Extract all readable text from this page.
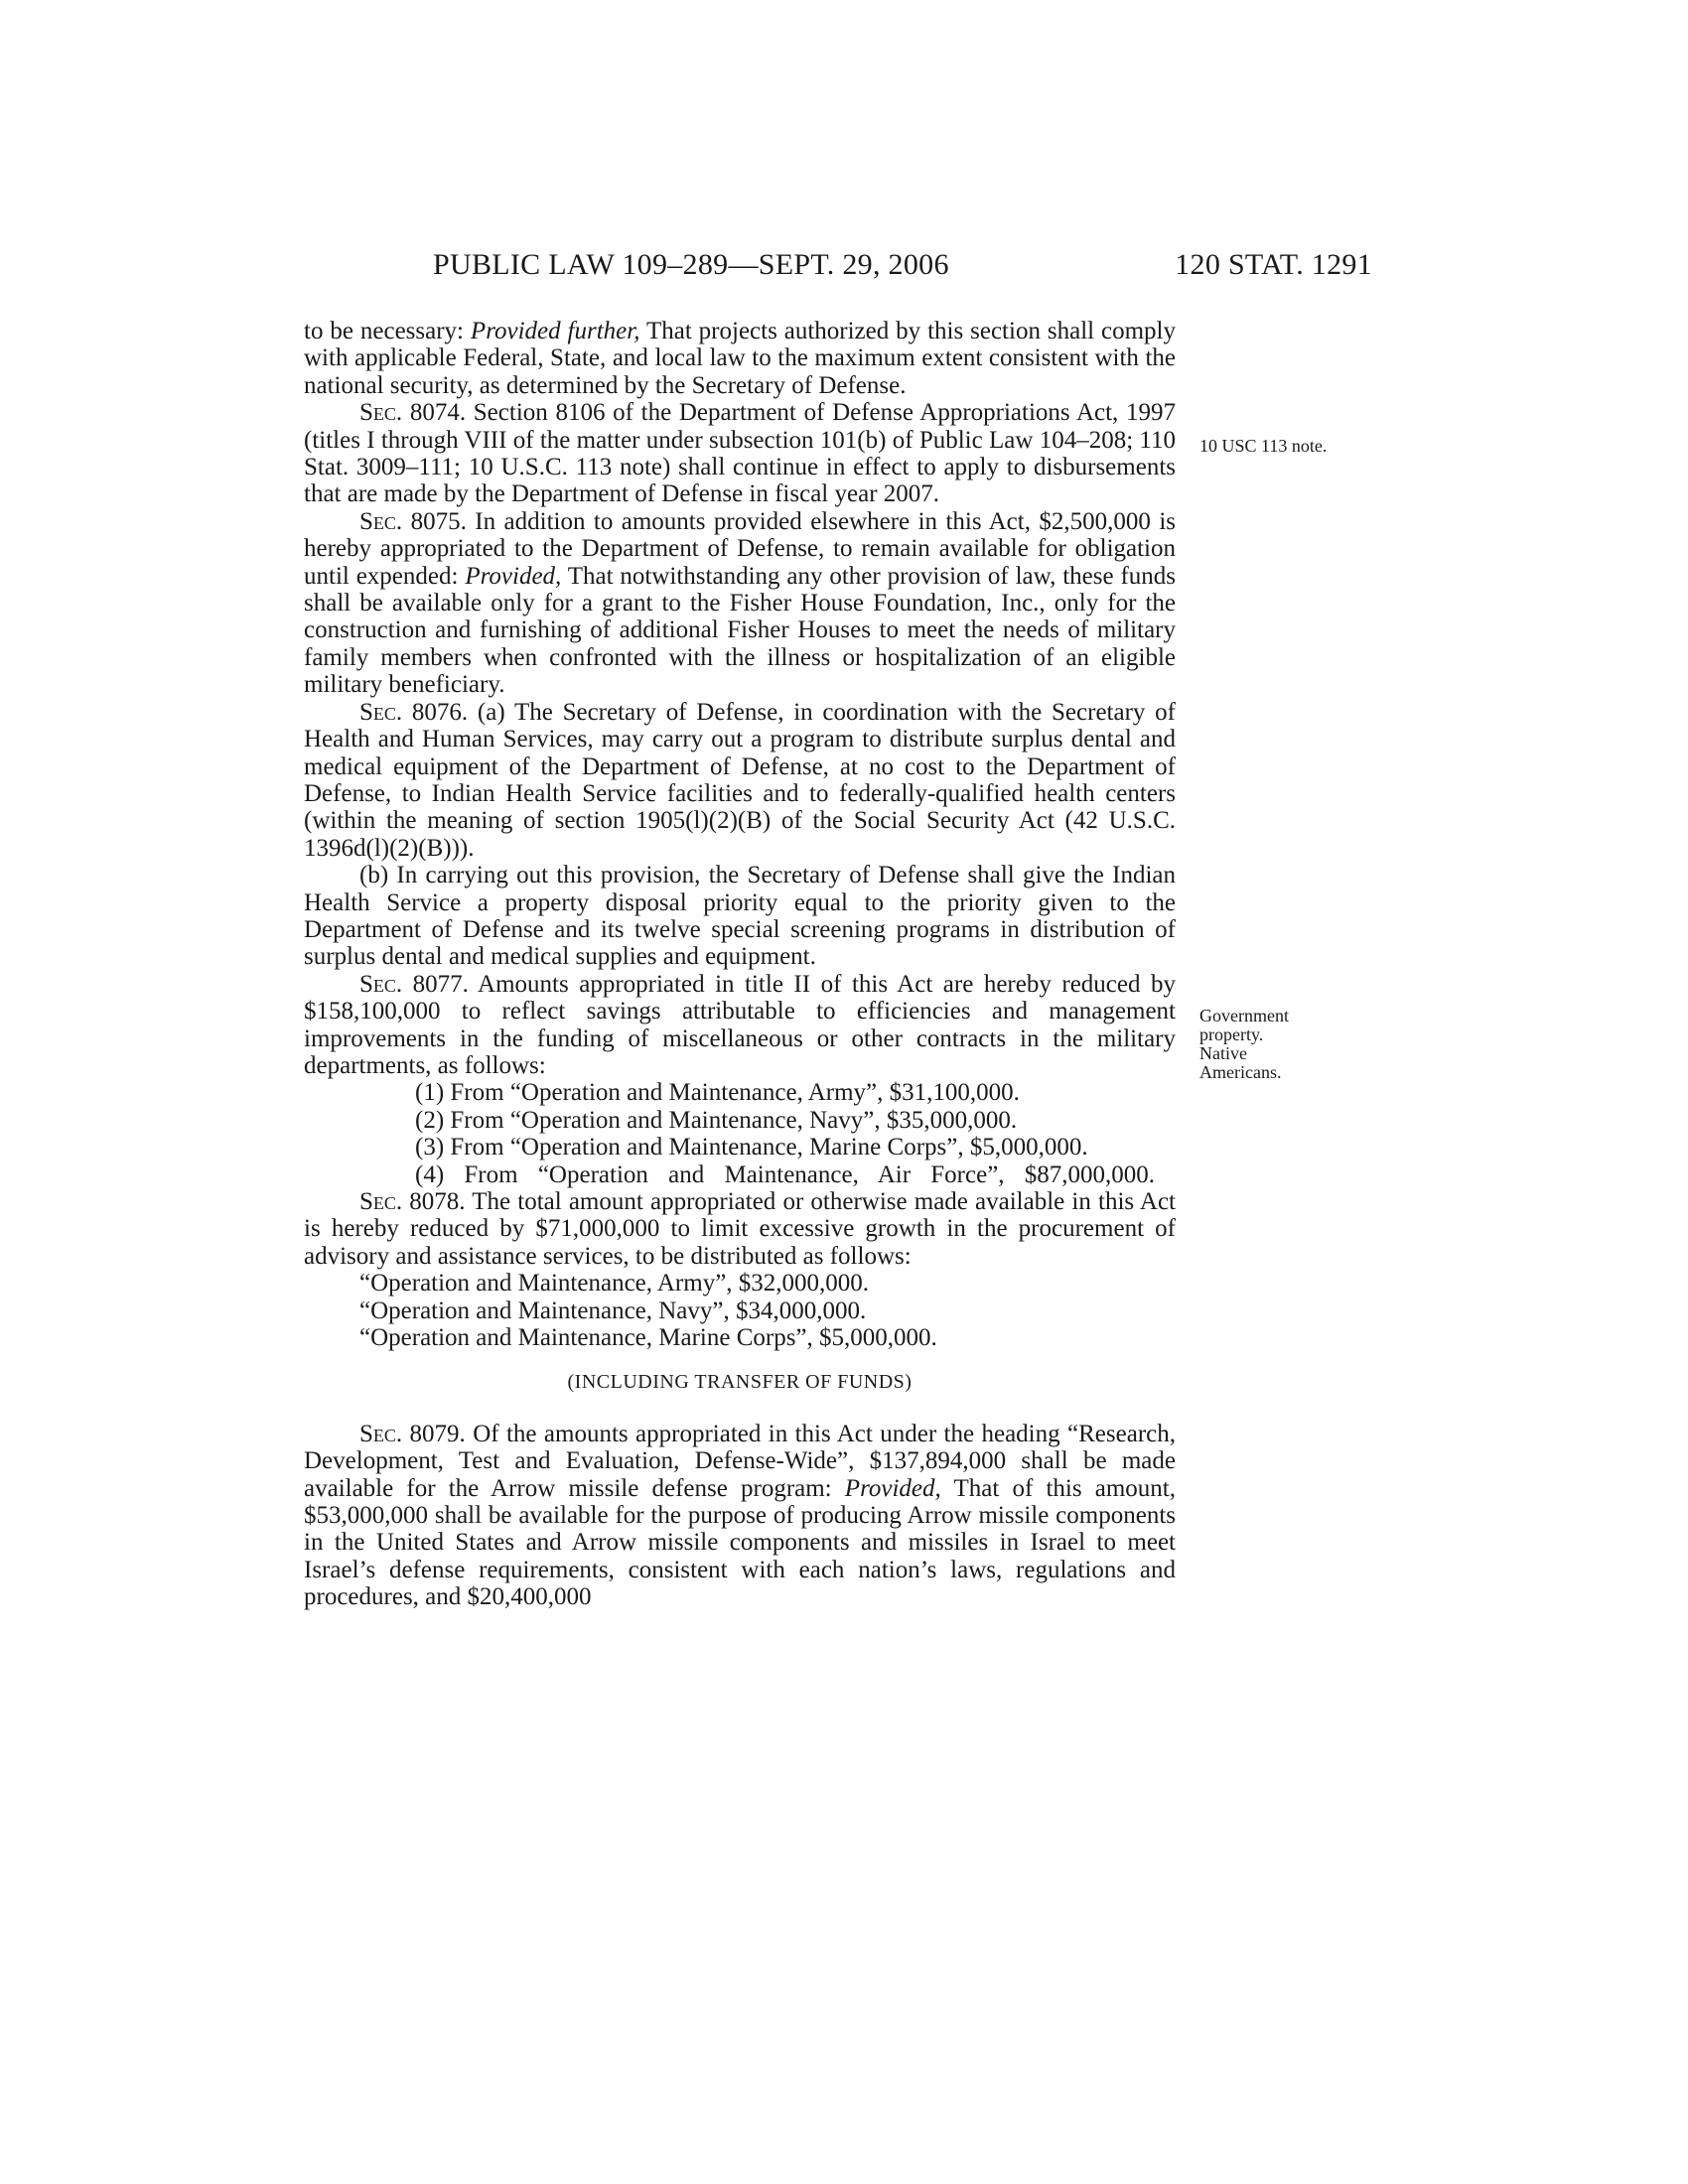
PUBLIC LAW 109–289—SEPT. 29, 2006	120 STAT. 1291
10 USC 113 note.
Government
property.
Native
Americans.

to be necessary: Provided further, That projects authorized by this section shall comply with applicable Federal, State, and local law to the maximum extent consistent with the national security, as determined by the Secretary of Defense.

Sec. 8074. Section 8106 of the Department of Defense Appropriations Act, 1997 (titles I through VIII of the matter under subsection 101(b) of Public Law 104–208; 110 Stat. 3009–111; 10 U.S.C. 113 note) shall continue in effect to apply to disbursements that are made by the Department of Defense in fiscal year 2007.

Sec. 8075. In addition to amounts provided elsewhere in this Act, $2,500,000 is hereby appropriated to the Department of Defense, to remain available for obligation until expended: Provided, That notwithstanding any other provision of law, these funds shall be available only for a grant to the Fisher House Foundation, Inc., only for the construction and furnishing of additional Fisher Houses to meet the needs of military family members when confronted with the illness or hospitalization of an eligible military beneficiary.

Sec. 8076. (a) The Secretary of Defense, in coordination with the Secretary of Health and Human Services, may carry out a program to distribute surplus dental and medical equipment of the Department of Defense, at no cost to the Department of Defense, to Indian Health Service facilities and to federally-qualified health centers (within the meaning of section 1905(l)(2)(B) of the Social Security Act (42 U.S.C. 1396d(l)(2)(B))).

(b) In carrying out this provision, the Secretary of Defense shall give the Indian Health Service a property disposal priority equal to the priority given to the Department of Defense and its twelve special screening programs in distribution of surplus dental and medical supplies and equipment.

Sec. 8077. Amounts appropriated in title II of this Act are hereby reduced by $158,100,000 to reflect savings attributable to efficiencies and management improvements in the funding of miscellaneous or other contracts in the military departments, as follows:

(1) From “Operation and Maintenance, Army”, $31,100,000.

(2) From “Operation and Maintenance, Navy”, $35,000,000.

(3) From “Operation and Maintenance, Marine Corps”, $5,000,000.

(4) From “Operation and Maintenance, Air Force”, $87,000,000.

Sec. 8078. The total amount appropriated or otherwise made available in this Act is hereby reduced by $71,000,000 to limit excessive growth in the procurement of advisory and assistance services, to be distributed as follows:

“Operation and Maintenance, Army”, $32,000,000.

“Operation and Maintenance, Navy”, $34,000,000.

“Operation and Maintenance, Marine Corps”, $5,000,000.

(INCLUDING TRANSFER OF FUNDS)

Sec. 8079. Of the amounts appropriated in this Act under the heading “Research, Development, Test and Evaluation, Defense-Wide”, $137,894,000 shall be made available for the Arrow missile defense program: Provided, That of this amount, $53,000,000 shall be available for the purpose of producing Arrow missile components in the United States and Arrow missile components and missiles in Israel to meet Israel’s defense requirements, consistent with each nation’s laws, regulations and procedures, and $20,400,000
